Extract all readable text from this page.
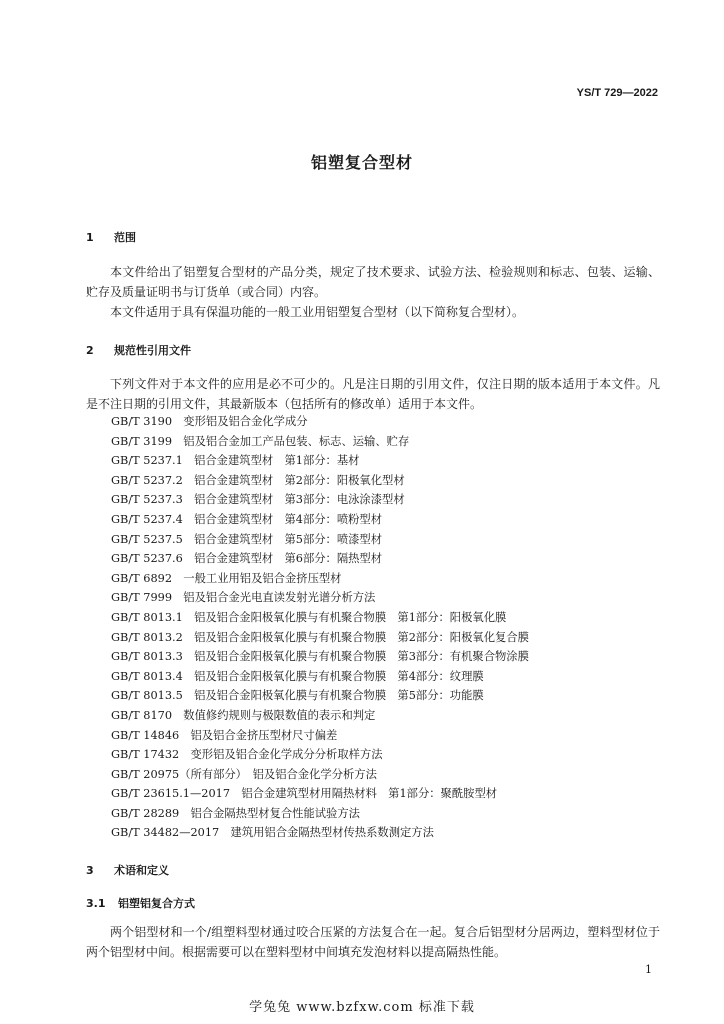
YS/T 729—2022
铝塑复合型材
1 范围
本文件给出了铝塑复合型材的产品分类，规定了技术要求、试验方法、检验规则和标志、包装、运输、贮存及质量证明书与订货单（或合同）内容。
本文件适用于具有保温功能的一般工业用铝塑复合型材（以下简称复合型材）。
2 规范性引用文件
下列文件对于本文件的应用是必不可少的。凡是注日期的引用文件，仅注日期的版本适用于本文件。凡是不注日期的引用文件，其最新版本（包括所有的修改单）适用于本文件。
GB/T 3190　变形铝及铝合金化学成分
GB/T 3199　铝及铝合金加工产品包装、标志、运输、贮存
GB/T 5237.1　铝合金建筑型材　第1部分：基材
GB/T 5237.2　铝合金建筑型材　第2部分：阳极氧化型材
GB/T 5237.3　铝合金建筑型材　第3部分：电泳涂漆型材
GB/T 5237.4　铝合金建筑型材　第4部分：喷粉型材
GB/T 5237.5　铝合金建筑型材　第5部分：喷漆型材
GB/T 5237.6　铝合金建筑型材　第6部分：隔热型材
GB/T 6892　一般工业用铝及铝合金挤压型材
GB/T 7999　铝及铝合金光电直读发射光谱分析方法
GB/T 8013.1　铝及铝合金阳极氧化膜与有机聚合物膜　第1部分：阳极氧化膜
GB/T 8013.2　铝及铝合金阳极氧化膜与有机聚合物膜　第2部分：阳极氧化复合膜
GB/T 8013.3　铝及铝合金阳极氧化膜与有机聚合物膜　第3部分：有机聚合物涂膜
GB/T 8013.4　铝及铝合金阳极氧化膜与有机聚合物膜　第4部分：纹理膜
GB/T 8013.5　铝及铝合金阳极氧化膜与有机聚合物膜　第5部分：功能膜
GB/T 8170　数值修约规则与极限数值的表示和判定
GB/T 14846　铝及铝合金挤压型材尺寸偏差
GB/T 17432　变形铝及铝合金化学成分分析取样方法
GB/T 20975（所有部分）　铝及铝合金化学分析方法
GB/T 23615.1—2017　铝合金建筑型材用隔热材料　第1部分：聚酰胺型材
GB/T 28289　铝合金隔热型材复合性能试验方法
GB/T 34482—2017　建筑用铝合金隔热型材传热系数测定方法
3 术语和定义
3.1 铝塑铝复合方式
两个铝型材和一个/组塑料型材通过咬合压紧的方法复合在一起。复合后铝型材分居两边，塑料型材位于两个铝型材中间。根据需要可以在塑料型材中间填充发泡材料以提高隔热性能。
1
学兔兔 www.bzfxw.com 标准下载
